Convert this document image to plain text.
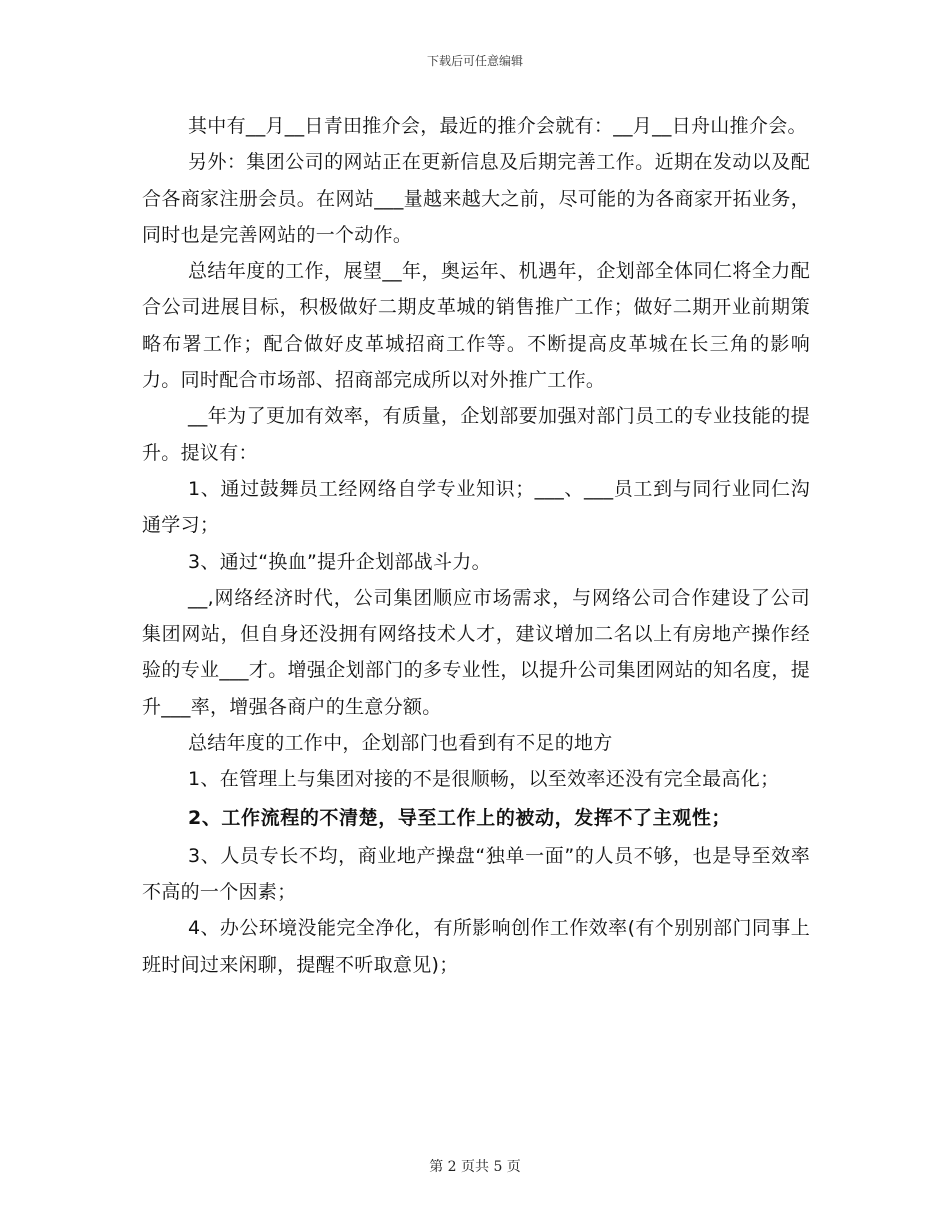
下载后可任意编辑

其中有__月__日青田推介会，最近的推介会就有：__月__日舟山推介会。

另外：集团公司的网站正在更新信息及后期完善工作。近期在发动以及配合各商家注册会员。在网站___量越来越大之前，尽可能的为各商家开拓业务，同时也是完善网站的一个动作。

总结年度的工作，展望__年，奥运年、机遇年，企划部全体同仁将全力配合公司进展目标，积极做好二期皮革城的销售推广工作；做好二期开业前期策略布署工作；配合做好皮革城招商工作等。不断提高皮革城在长三角的影响力。同时配合市场部、招商部完成所以对外推广工作。

__年为了更加有效率，有质量，企划部要加强对部门员工的专业技能的提升。提议有：

1、通过鼓舞员工经网络自学专业知识；___、___员工到与同行业同仁沟通学习；

3、通过“换血”提升企划部战斗力。

__,网络经济时代，公司集团顺应市场需求，与网络公司合作建设了公司集团网站，但自身还没拥有网络技术人才，建议增加二名以上有房地产操作经验的专业___才。增强企划部门的多专业性，以提升公司集团网站的知名度，提升___率，增强各商户的生意分额。

总结年度的工作中，企划部门也看到有不足的地方

1、在管理上与集团对接的不是很顺畅，以至效率还没有完全最高化；

2、工作流程的不清楚，导至工作上的被动，发挥不了主观性；

3、人员专长不均，商业地产操盘“独单一面”的人员不够，也是导至效率不高的一个因素；

4、办公环境没能完全净化，有所影响创作工作效率(有个别别部门同事上班时间过来闲聊，提醒不听取意见)；

第 2 页共 5 页
